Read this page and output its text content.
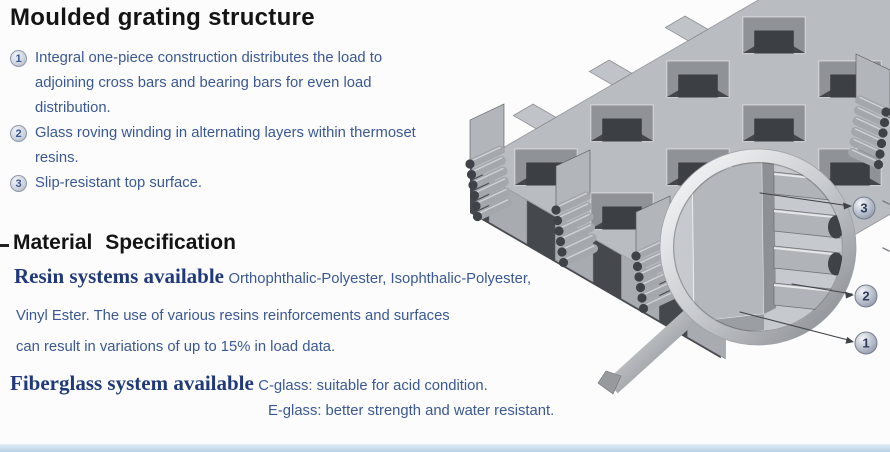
Moulded grating structure
1 Integral one-piece construction distributes the load to adjoining cross bars and bearing bars for even load distribution.
2 Glass roving winding in alternating layers within thermoset resins.
3 Slip-resistant top surface.
Material Specification
Resin systems available Orthophthalic-Polyester, Isophthalic-Polyester,
Vinyl Ester. The use of various resins reinforcements and surfaces
can result in variations of up to 15% in load data.
Fiberglass system available C-glass: suitable for acid condition.
E-glass: better strength and water resistant.
3
2
1
